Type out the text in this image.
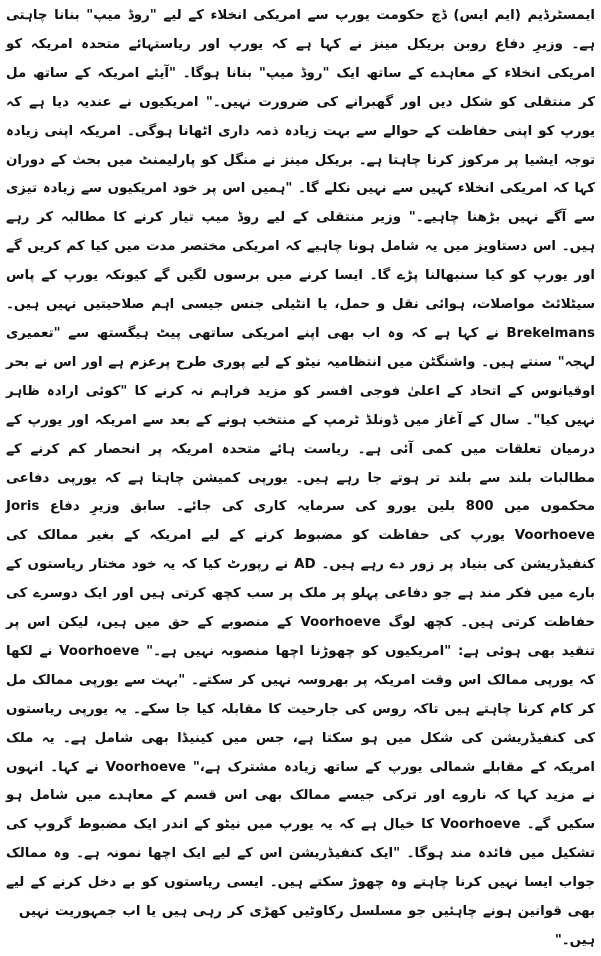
ایمسٹرڈیم (ایم ایس) ڈچ حکومت یورپ سے امریکی انخلاء کے لیے "روڈ میپ" بنانا چاہتی ہے۔ وزیرِ دفاع روبن بریکل مینز نے کہا ہے کہ یورپ اور ریاستہائے متحدہ امریکہ کو امریکی انخلاء کے معاہدے کے ساتھ ایک "روڈ میپ" بنانا ہوگا۔ "آیئے امریکہ کے ساتھ مل کر منتقلی کو شکل دیں اور گھبرانے کی ضرورت نہیں۔" امریکیوں نے عندیہ دیا ہے کہ یورپ کو اپنی حفاظت کے حوالے سے بہت زیادہ ذمہ داری اٹھانا ہوگی۔ امریکہ اپنی زیادہ توجہ ایشیا پر مرکوز کرنا چاہتا ہے۔ بریکل مینز نے منگل کو پارلیمنٹ میں بحث کے دوران کہا کہ امریکی انخلاء کہیں سے نہیں نکلے گا۔ "ہمیں اس پر خود امریکیوں سے زیادہ تیزی سے آگے نہیں بڑھنا چاہیے۔" وزیر منتقلی کے لیے روڈ میپ تیار کرنے کا مطالبہ کر رہے ہیں۔ اس دستاویز میں یہ شامل ہونا چاہیے کہ امریکی مختصر مدت میں کیا کم کریں گے اور یورپ کو کیا سنبھالنا پڑے گا۔ ایسا کرنے میں برسوں لگیں گے کیونکہ یورپ کے پاس سیٹلائٹ مواصلات، ہوائی نقل و حمل، یا انٹیلی جنس جیسی اہم صلاحیتیں نہیں ہیں۔ Brekelmans نے کہا ہے کہ وہ اب بھی اپنے امریکی ساتھی پیٹ ہیگستھ سے "تعمیری لہجہ" سنتے ہیں۔ واشنگٹن میں انتظامیہ نیٹو کے لیے پوری طرح پرعزم ہے اور اس نے بحر اوقیانوس کے اتحاد کے اعلیٰ فوجی افسر کو مزید فراہم نہ کرنے کا "کوئی ارادہ ظاہر نہیں کیا"۔ سال کے آغاز میں ڈونلڈ ٹرمپ کے منتخب ہونے کے بعد سے امریکہ اور یورپ کے درمیان تعلقات میں کمی آئی ہے۔ ریاست ہائے متحدہ امریکہ پر انحصار کم کرنے کے مطالبات بلند سے بلند تر ہوتے جا رہے ہیں۔ یورپی کمیشن چاہتا ہے کہ یورپی دفاعی محکموں میں 800 بلین یورو کی سرمایہ کاری کی جائے۔ سابق وزیرِ دفاع Joris Voorhoeve یورپ کی حفاظت کو مضبوط کرنے کے لیے امریکہ کے بغیر ممالک کی کنفیڈریشن کی بنیاد پر زور دے رہے ہیں۔ AD نے رپورٹ کیا کہ یہ خود مختار ریاستوں کے بارے میں فکر مند ہے جو دفاعی پہلو پر ملک پر سب کچھ کرتی ہیں اور ایک دوسرے کی حفاظت کرتی ہیں۔ کچھ لوگ Voorhoeve کے منصوبے کے حق میں ہیں، لیکن اس پر تنقید بھی ہوئی ہے: "امریکیوں کو چھوڑنا اچھا منصوبہ نہیں ہے۔" Voorhoeve نے لکھا کہ یورپی ممالک اس وقت امریکہ پر بھروسہ نہیں کر سکتے۔ "بہت سے یورپی ممالک مل کر کام کرنا چاہتے ہیں تاکہ روس کی جارحیت کا مقابلہ کیا جا سکے۔ یہ یورپی ریاستوں کی کنفیڈریشن کی شکل میں ہو سکتا ہے، جس میں کینیڈا بھی شامل ہے۔ یہ ملک امریکہ کے مقابلے شمالی یورپ کے ساتھ زیادہ مشترک ہے،" Voorhoeve نے کہا۔ انہوں نے مزید کہا کہ ناروے اور ترکی جیسے ممالک بھی اس قسم کے معاہدے میں شامل ہو سکیں گے۔ Voorhoeve کا خیال ہے کہ یہ یورپ میں نیٹو کے اندر ایک مضبوط گروپ کی تشکیل میں فائدہ مند ہوگا۔ "ایک کنفیڈریشن اس کے لیے ایک اچھا نمونہ ہے۔ وہ ممالک جواب ایسا نہیں کرنا چاہتے وہ چھوڑ سکتے ہیں۔ ایسی ریاستوں کو بے دخل کرنے کے لیے بھی قوانین ہونے چاہئیں جو مسلسل رکاوٹیں کھڑی کر رہی ہیں یا اب جمہوریت نہیں

ہیں۔"
